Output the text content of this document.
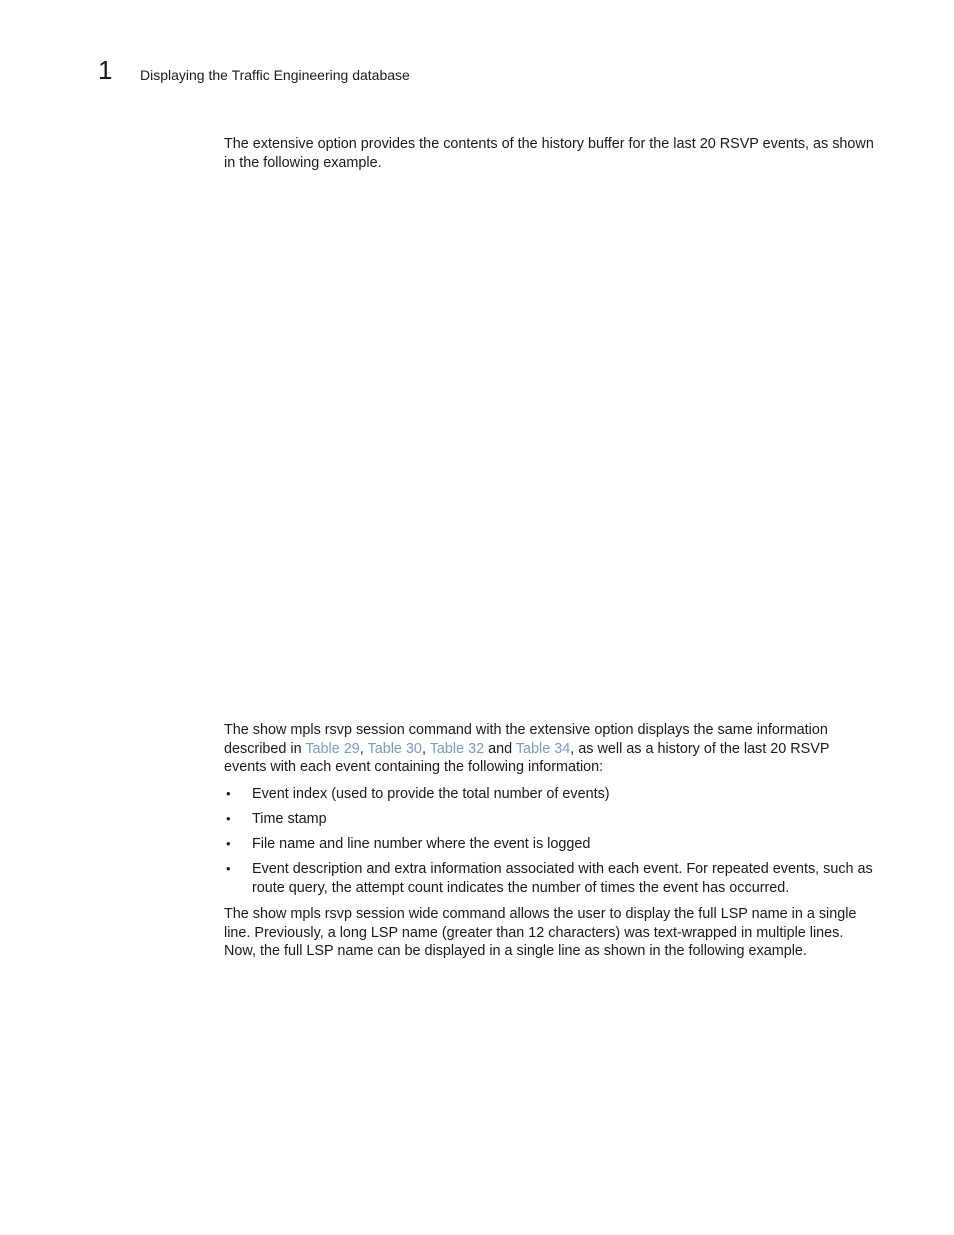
1 Displaying the Traffic Engineering database

The extensive option provides the contents of the history buffer for the last 20 RSVP events, as shown in the following example.

The show mpls rsvp session command with the extensive option displays the same information described in Table 29, Table 30, Table 32 and Table 34, as well as a history of the last 20 RSVP events with each event containing the following information:

• Event index (used to provide the total number of events)
• Time stamp
• File name and line number where the event is logged
• Event description and extra information associated with each event. For repeated events, such as route query, the attempt count indicates the number of times the event has occurred.

The show mpls rsvp session wide command allows the user to display the full LSP name in a single line. Previously, a long LSP name (greater than 12 characters) was text-wrapped in multiple lines. Now, the full LSP name can be displayed in a single line as shown in the following example.
